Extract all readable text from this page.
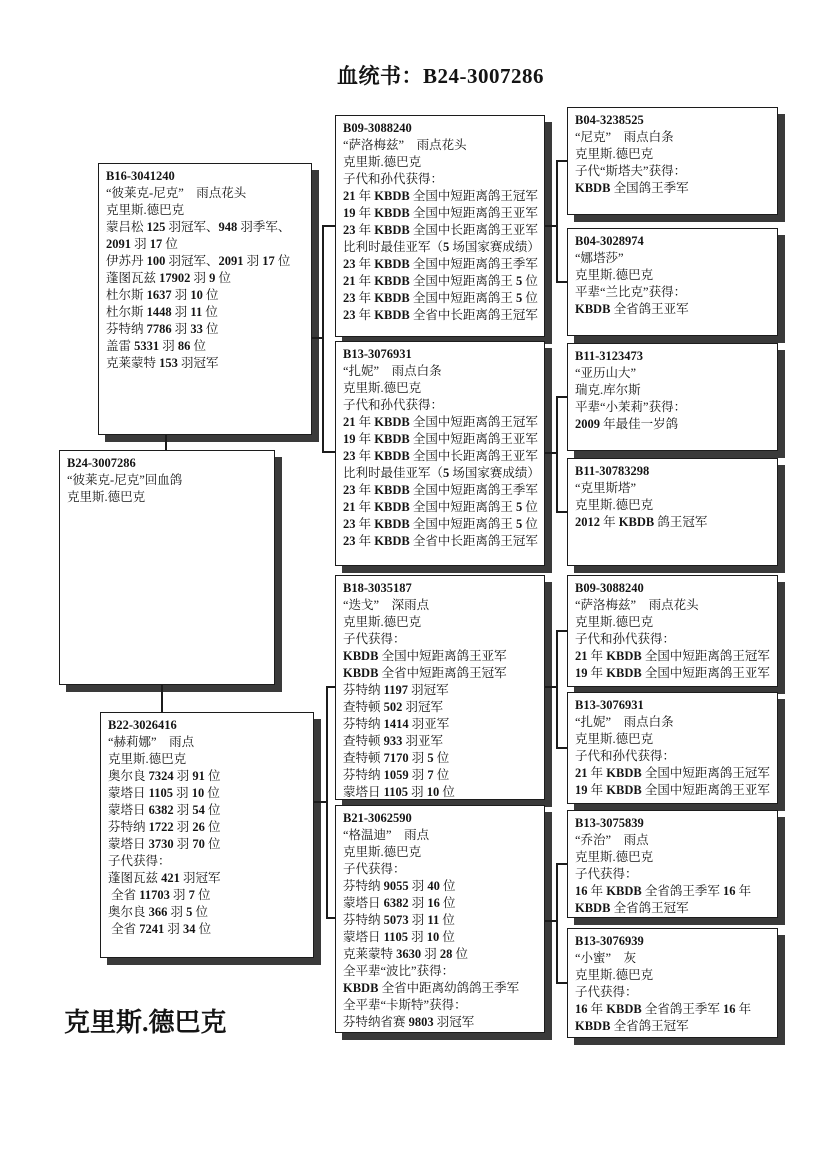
血统书：B24-3007286
B24-3007286
“彼莱克-尼克”回血鸽
克里斯.德巴克
B16-3041240
“彼莱克-尼克”　雨点花头
克里斯.德巴克
蒙吕松 125 羽冠军、948 羽季军、
2091 羽 17 位
伊苏丹 100 羽冠军、2091 羽 17 位
蓬图瓦兹 17902 羽 9 位
杜尔斯 1637 羽 10 位
杜尔斯 1448 羽 11 位
芬特纳 7786 羽 33 位
盖雷 5331 羽 86 位
克莱蒙特 153 羽冠军
B22-3026416
“赫莉娜”　雨点
克里斯.德巴克
奥尔良 7324 羽 91 位
蒙塔日 1105 羽 10 位
蒙塔日 6382 羽 54 位
芬特纳 1722 羽 26 位
蒙塔日 3730 羽 70 位
子代获得：
蓬图瓦兹 421 羽冠军
全省 11703 羽 7 位
奥尔良 366 羽 5 位
全省 7241 羽 34 位
B09-3088240
“萨洛梅兹”　雨点花头
克里斯.德巴克
子代和孙代获得：
21 年 KBDB 全国中短距离鸽王冠军
19 年 KBDB 全国中短距离鸽王亚军
23 年 KBDB 全国中长距离鸽王亚军
比利时最佳亚军（5 场国家赛成绩）
23 年 KBDB 全国中短距离鸽王季军
21 年 KBDB 全国中短距离鸽王 5 位
23 年 KBDB 全国中短距离鸽王 5 位
23 年 KBDB 全省中长距离鸽王冠军
B13-3076931
“扎妮”　雨点白条
克里斯.德巴克
子代和孙代获得：
21 年 KBDB 全国中短距离鸽王冠军
19 年 KBDB 全国中短距离鸽王亚军
23 年 KBDB 全国中长距离鸽王亚军
比利时最佳亚军（5 场国家赛成绩）
23 年 KBDB 全国中短距离鸽王季军
21 年 KBDB 全国中短距离鸽王 5 位
23 年 KBDB 全国中短距离鸽王 5 位
23 年 KBDB 全省中长距离鸽王冠军
B18-3035187
“迭戈”　深雨点
克里斯.德巴克
子代获得：
KBDB 全国中短距离鸽王亚军
KBDB 全省中短距离鸽王冠军
芬特纳 1197 羽冠军
查特顿 502 羽冠军
芬特纳 1414 羽亚军
查特顿 933 羽亚军
查特顿 7170 羽 5 位
芬特纳 1059 羽 7 位
蒙塔日 1105 羽 10 位
B21-3062590
“格温迪”　雨点
克里斯.德巴克
子代获得：
芬特纳 9055 羽 40 位
蒙塔日 6382 羽 16 位
芬特纳 5073 羽 11 位
蒙塔日 1105 羽 10 位
克莱蒙特 3630 羽 28 位
全平辈“波比”获得：
KBDB 全省中距离幼鸽鸽王季军
全平辈“卡斯特”获得：
芬特纳省赛 9803 羽冠军
B04-3238525
“尼克”　雨点白条
克里斯.德巴克
子代“斯塔夫”获得：
KBDB 全国鸽王季军
B04-3028974
“娜塔莎”
克里斯.德巴克
平辈“兰比克”获得：
KBDB 全省鸽王亚军
B11-3123473
“亚历山大”
瑞克.库尔斯
平辈“小茉莉”获得：
2009 年最佳一岁鸽
B11-30783298
“克里斯塔”
克里斯.德巴克
2012 年 KBDB 鸽王冠军
B09-3088240
“萨洛梅兹”　雨点花头
克里斯.德巴克
子代和孙代获得：
21 年 KBDB 全国中短距离鸽王冠军
19 年 KBDB 全国中短距离鸽王亚军
B13-3076931
“扎妮”　雨点白条
克里斯.德巴克
子代和孙代获得：
21 年 KBDB 全国中短距离鸽王冠军
19 年 KBDB 全国中短距离鸽王亚军
B13-3075839
“乔治”　雨点
克里斯.德巴克
子代获得：
16 年 KBDB 全省鸽王季军 16 年
KBDB 全省鸽王冠军
B13-3076939
“小蜜”　灰
克里斯.德巴克
子代获得：
16 年 KBDB 全省鸽王季军 16 年
KBDB 全省鸽王冠军
克里斯.德巴克
